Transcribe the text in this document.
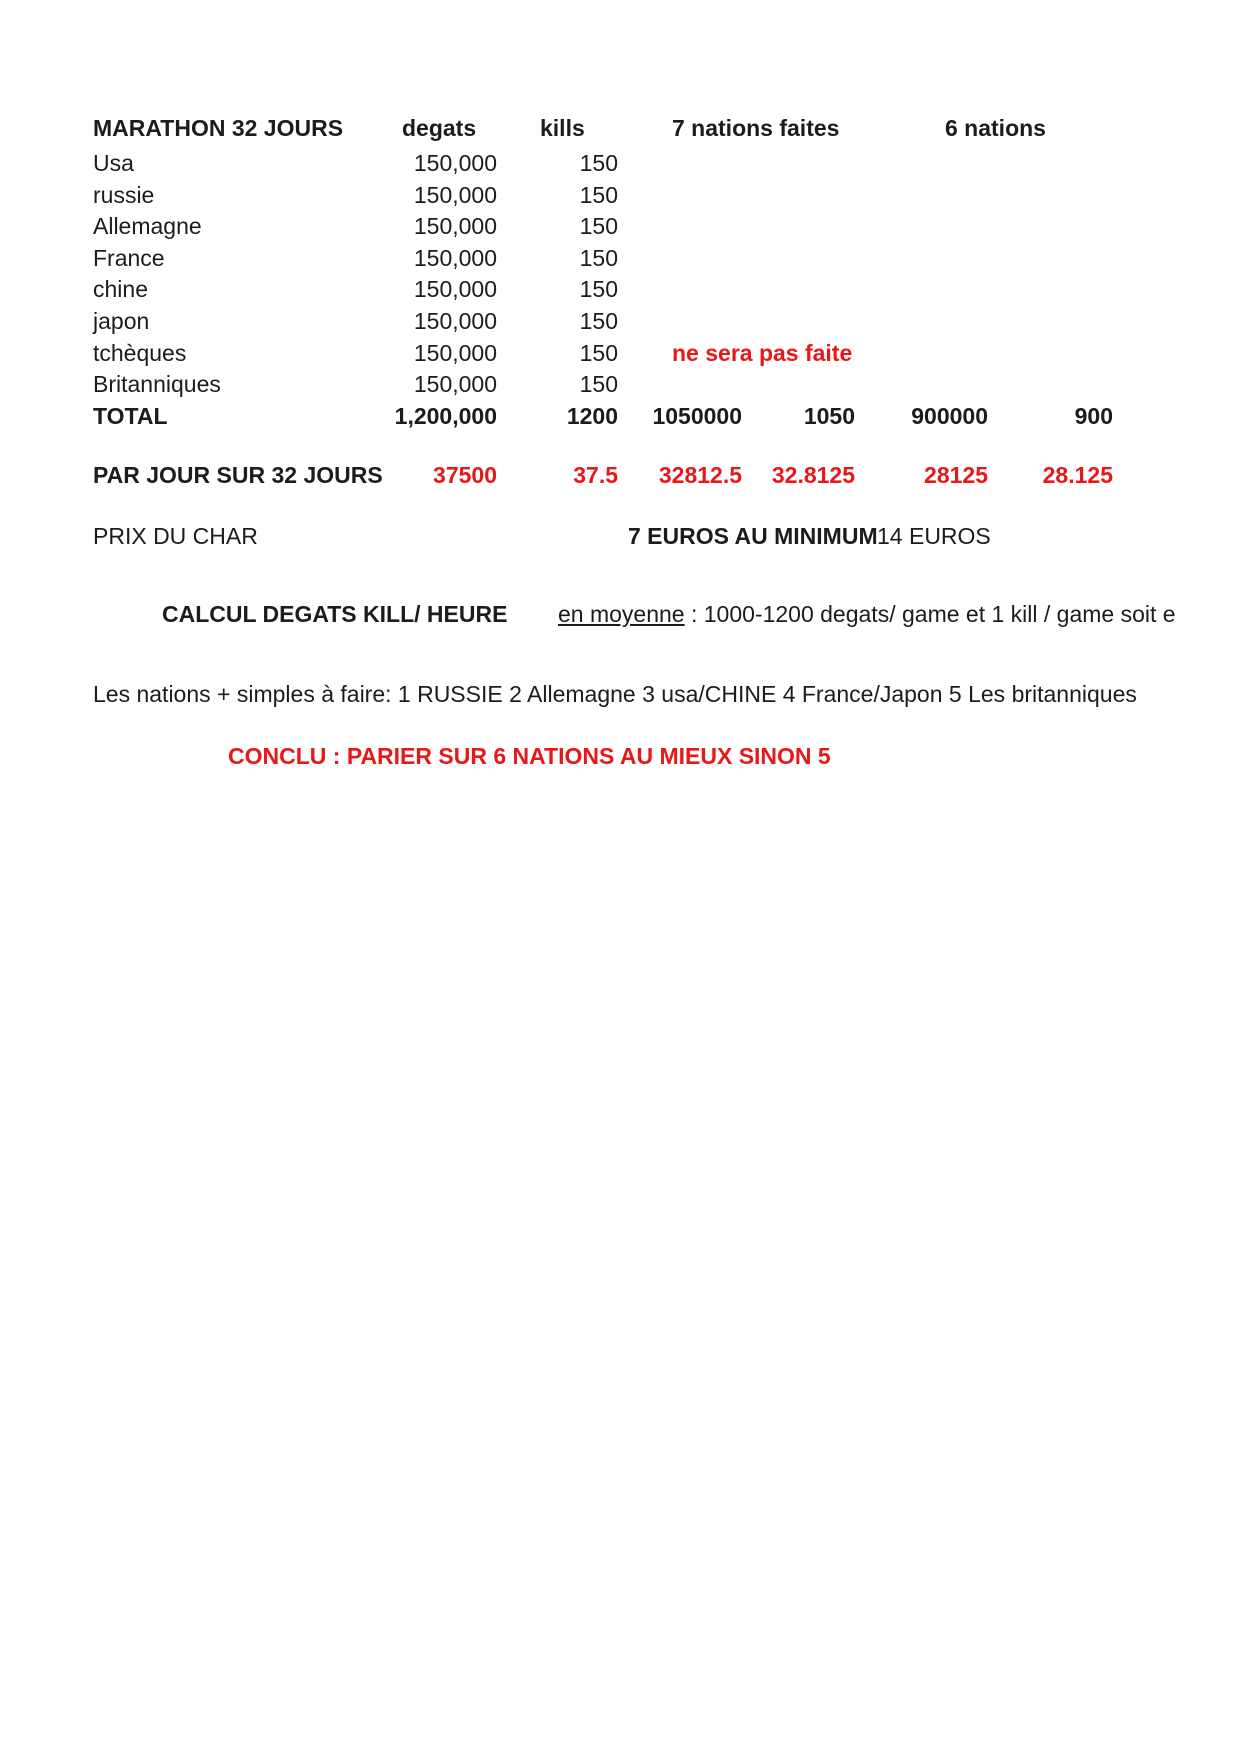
MARATHON 32 JOURS	degats	kills	7 nations faites	6 nations
Usa	150,000	150
russie	150,000	150
Allemagne	150,000	150
France	150,000	150
chine	150,000	150
japon	150,000	150
tchèques	150,000	150 ne sera pas faite
Britanniques	150,000	150
TOTAL	1,200,000	1200	1050000	1050	900000	900
PAR JOUR SUR 32 JOURS	37500	37.5	32812.5	32.8125	28125	28.125
PRIX DU CHAR	7 EUROS AU MINIMUM 14 EUROS
CALCUL DEGATS KILL/ HEURE en moyenne : 1000-1200 degats/ game et 1 kill / game soit e
Les nations + simples à faire: 1 RUSSIE 2 Allemagne 3 usa/CHINE 4 France/Japon 5 Les britanniques
CONCLU : PARIER SUR 6 NATIONS AU MIEUX SINON 5
